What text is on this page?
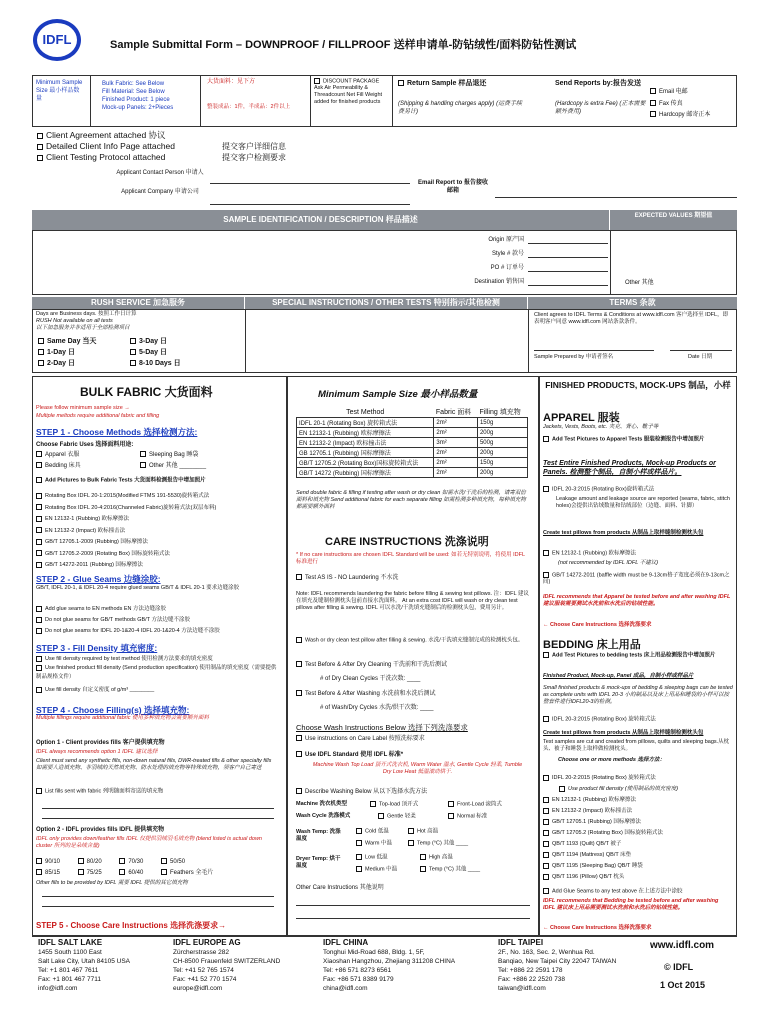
IDFL	Sample Submittal Form – DOWNPROOF / FILLPROOF 送样申请单-防钻绒性/面料防钻性测试
Minimum Sample Size 最小样品数量
Bulk Fabric: See Below
Fill Material: See Below
Finished Product: 1 piece
Mock-up Panels: 2+Pieces
大货面料：见下方
整装成品：1件，半成品：2件以上
DISCOUNT PACKAGE Ask Air Permeability & Threadcount Net Fill Weight added for finished products
Return Sample 样品退还
(Shipping & handling charges apply) (运费手续费另计)
Send Reports by:报告发送
Email 电邮
Fax 传真
Hardcopy 邮寄正本
(Hardcopy is extra Fee) (正本需要额外费用)
Client Agreement attached 协议
Detailed Client Info Page attached
Client Testing Protocol attached
提交客户详细信息
提交客户检测要求
Applicant Contact Person 申请人
Applicant Company 申请公司
Email Report to 报告接收邮箱
SAMPLE IDENTIFICATION / DESCRIPTION 样品描述	EXPECTED VALUES 期望值
Origin 原产国
Style # 款号
PO # 订单号
Destination 销售国	Other 其他
RUSH SERVICE 加急服务	SPECIAL INSTRUCTIONS / OTHER TESTS 特别指示/其他检测	TERMS 条款
Days are Business days. 按照工作日计算
RUSH Not available on all tests
以下加急服务并非适用于全部检测项目
Same Day 当天
1-Day 日
2-Day 日
3-Day 日
5-Day 日
8-10 Days 日
Client agrees to IDFL Terms & Conditions at www.idfl.com 客户选择至 IDFL，即表明客户同意 www.idfl.com 网站条款条件。
Sample Prepared by 申请者签名	Date 日期
BULK FABRIC 大货面料
Please follow minimum sample size →
Multiple meltods require additional fabric and filling
STEP 1 - Choose Methods 选择检测方法:
Choose Fabric Uses 选择面料用途:
Apparel 衣服	Sleeping Bag 睡袋
Bedding 床具	Other 其他 ________
Add Pictures to Bulk Fabric Tests 大货面料检测报告中增加照片
Rotating Box IDFL 20-1:2015(Modified FTMS 191-5530)旋转箱式法
Rotating Box IDFL 20-4:2016(Channeled Fabric)旋转箱式法(双层布料)
EN 12132-1 (Rubbing) 欧标摩擦法
EN 12132-2 (Impact) 欧标撞击法
GB/T 12705.1-2009 (Rubbing) 国标摩擦法
GB/T 12705.2-2009 (Rotating Box) 国标旋转箱式法
GB/T 14272-2011 (Rubbing) 国标摩擦法
STEP 2 - Glue Seams 边缝涂胶:
GB/T, IDFL 20-1, & IDFL 20-4 require glued seams GB/T & IDFL 20-1 要求边缝涂胶
Add glue seams to EN methods EN 方法边缝涂胶
Do not glue seams for GB/T methods GB/T 方法边缝不涂胶
Do not glue seams for IDFL 20-1&20-4 IDFL 20-1&20-4 方法边缝不涂胶
STEP 3 - Fill Density 填充密度:
Use fill density required by test method 使用检测方法要求的填充密度
Use finished product fill density (Send production specification) 使用制品的填充密度（需要提供制品规格文件）
Use fill density 自定义密度 of g/m³ ________
STEP 4 - Choose Filling(s) 选择填充物:
Multiple fillings require additional fabric 使用多种填充物会需要额外面料
Option 1 - Client provides fills 客户提供填充物
IDFL always recommends option 1 IDFL 建议选择
Client must send any synthetic fills, non-down natural fills, DWR-treated fills & other specialty fills 如需要人造填充物、非羽绒的天然填充物、防水处理的填充物等特殊填充物，须客户自己寄送
List fills sent with fabric 列明随面料寄送的填充物
Option 2 - IDFL provides fills IDFL 提供填充物
IDFL only provides down/feather fills IDFL 仅提供羽绒羽毛填充物 (blend listed is actual down cluster 所列的是朵绒含量)
90/10	80/20	70/30	50/50
85/15	75/25	60/40	Feathers 全毛片
Other fills to be provided by IDFL 需要 IDFL 提供的其它填充物
STEP 5 - Choose Care Instructions 选择洗涤要求→
Minimum Sample Size 最小样品数量
Test Method	Fabric 面料	Filling 填充物
IDFL 20-1 (Rotating Box) 旋转箱式法	2m²	150g
EN 12132-1 (Rubbing) 欧标摩擦法	2m²	200g
EN 12132-2 (Impact) 欧标撞击法	3m²	500g
GB 12705.1 (Rubbing) 国标摩擦法	2m²	200g
GB/T 12705.2 (Rotating Box)国标旋转箱式法	2m²	150g
GB/T 14272 (Rubbing) 国标摩擦法	2m²	200g
Send double fabric & filling if testing after wash or dry clean 如需水洗/干洗后的检测，请寄双倍面料和填充物 Send additional fabric for each separate filling 如需检测多种填充物，每种填充物都需要额外面料
CARE INSTRUCTIONS 洗涤说明
* If no care instructions are chosen IDFL Standard will be used: 如若无特别说明，将使用 IDFL 标准进行
Test AS IS - NO Laundering 不水洗
Note: IDFL recommends laundering the fabric before filling & sewing test pillows. 注：IDFL 建议在填充及缝制检测枕头包前直接水洗面料。 At an extra cost IDFL will wash or dry clean test pillows after filling & sewing. IDFL 可以水洗/干洗填充缝制后的检测枕头包，费用另计。
Wash or dry clean test pillow after filling & sewing. 水洗/干洗填充缝制完成的检测枕头包。
Test Before & After Dry Cleaning 干洗前和干洗后测试
# of Dry Clean Cycles 干洗次数: ____
Test Before & After Washing 水洗前和水洗后测试
# of Wash/Dry Cycles 水洗/烘干次数: ____
Choose Wash Instructions Below 选择下列洗涤要求
Use instructions on Care Label 按照洗标要求
Use IDFL Standard 使用 IDFL 标准*
Machine Wash Top Load 顶开式洗衣机, Warm Water 温水, Gentle Cycle 轻柔, Tumble Dry Low Heat 低温滚动烘干.
Describe Washing Below 从以下选择水洗方法
Machine 洗衣机类型	Top-load 顶开式	Front-Load 滚筒式
Wash Cycle 洗涤模式	Gentle 轻柔	Normal 标准
Wash Temp: 洗涤温度
Cold 低温	Hot 高温
Warm 中温	Temp (°C) 其他 ____
Dryer Temp: 烘干温度
Low 低温	High 高温
Medium 中温	Temp (°C) 其他 ____
Other Care Instructions 其他说明
FINISHED PRODUCTS, MOCK-UPS 制品，小样
APPAREL 服装
Jackets, Vests, Boots, etc. 夹克、背心、靴子等
Add Test Pictures to Apparel Tests 服装检测报告中增加照片
Test Entire Finished Products, Mock-up Products or Panels. 检测整个制品，自制小样或样品片。
IDFL 20-3:2015 (Rotating Box)旋转箱式法
Leakage amount and leakage source are reported (seams, fabric, stitch holes)会提供出钻绒数量和钻绒部位（边缝、面料、针脚）
Create test pillows from products 从制品上取样缝制检测枕头包
EN 12132-1 (Rubbing) 欧标摩擦法
(not recommended by IDFL IDFL 不建议)
GB/T 14272-2011 (baffle width must be 9-13cm格子宽度必须在9-13cm之间)
IDFL recommends that Apparel be tested before and after washing IDFL 建议服装需要测试水洗前和水洗后的钻绒性能。
← Choose Care Instructions 选择洗涤要求
BEDDING 床上用品
Add Test Pictures to bedding tests 床上用品检测报告中增加照片
Finished Product, Mock-up, Panel 成品，自制小样或样品片
Small finished products & mock-ups of bedding & sleeping bags can be tested as complete units with IDFL 20-3 小的制品以及床上用品和睡袋的小样可以按整套件进行IDFL20-3的检测。
IDFL 20-3:2015 (Rotating Box) 旋转箱式法
Create test pillows from products 从制品上取样缝制检测枕头包
Test samples are cut and created from pillows, quilts and sleeping bags.从枕头、被子和睡袋上取样做检测枕头。
Choose one or more methods 选择方法：
IDFL 20-2:2015 (Rotating Box) 旋转箱式法
Use product fill density (使用制品的填充密度)
EN 12132-1 (Rubbing) 欧标摩擦法
EN 12132-2 (Impact) 欧标撞击法
GB/T 12705.1 (Rubbing) 国标摩擦法
GB/T 12705.2 (Rotating Box) 国标旋转箱式法
QB/T 1193 (Quilt) QB/T 被子
QB/T 1194 (Mattress) QB/T 床垫
QB/T 1195 (Sleeping Bag) QB/T 睡袋
QB/T 1196 (Pillow) QB/T 枕头
Add Glue Seams to any test above 在上述方法中涂胶
IDFL recommends that Bedding be tested before and after washing IDFL 建议床上用品需要测试水洗前和水洗后的钻绒性能。
← Choose Care Instructions 选择洗涤要求
IDFL SALT LAKE
1455 South 1100 East
Salt Lake City, Utah 84105 USA
Tel: +1 801 467 7611
Fax: +1 801 467 7711
info@idfl.com
IDFL EUROPE AG
Zürcherstrasse 282
CH-8500 Frauenfeld SWITZERLAND
Tel: +41 52 765 1574
Fax: +41 52 770 1574
europe@idfl.com
IDFL CHINA
Tonghui Mid-Road 688, Bldg. 1, 5F,
Xiaoshan Hangzhou, Zhejiang 311208 CHINA
Tel: +86 571 8273 6561
Fax: +86 571 8389 9179
china@idfl.com
IDFL TAIPEI
2F., No. 163, Sec. 2, Wenhua Rd.
Banqiao, New Taipei City 22047 TAIWAN
Tel: +886 22 2591 178
Fax: +886 22 2520 738
taiwan@idfl.com
www.idfl.com
© IDFL
1 Oct 2015
